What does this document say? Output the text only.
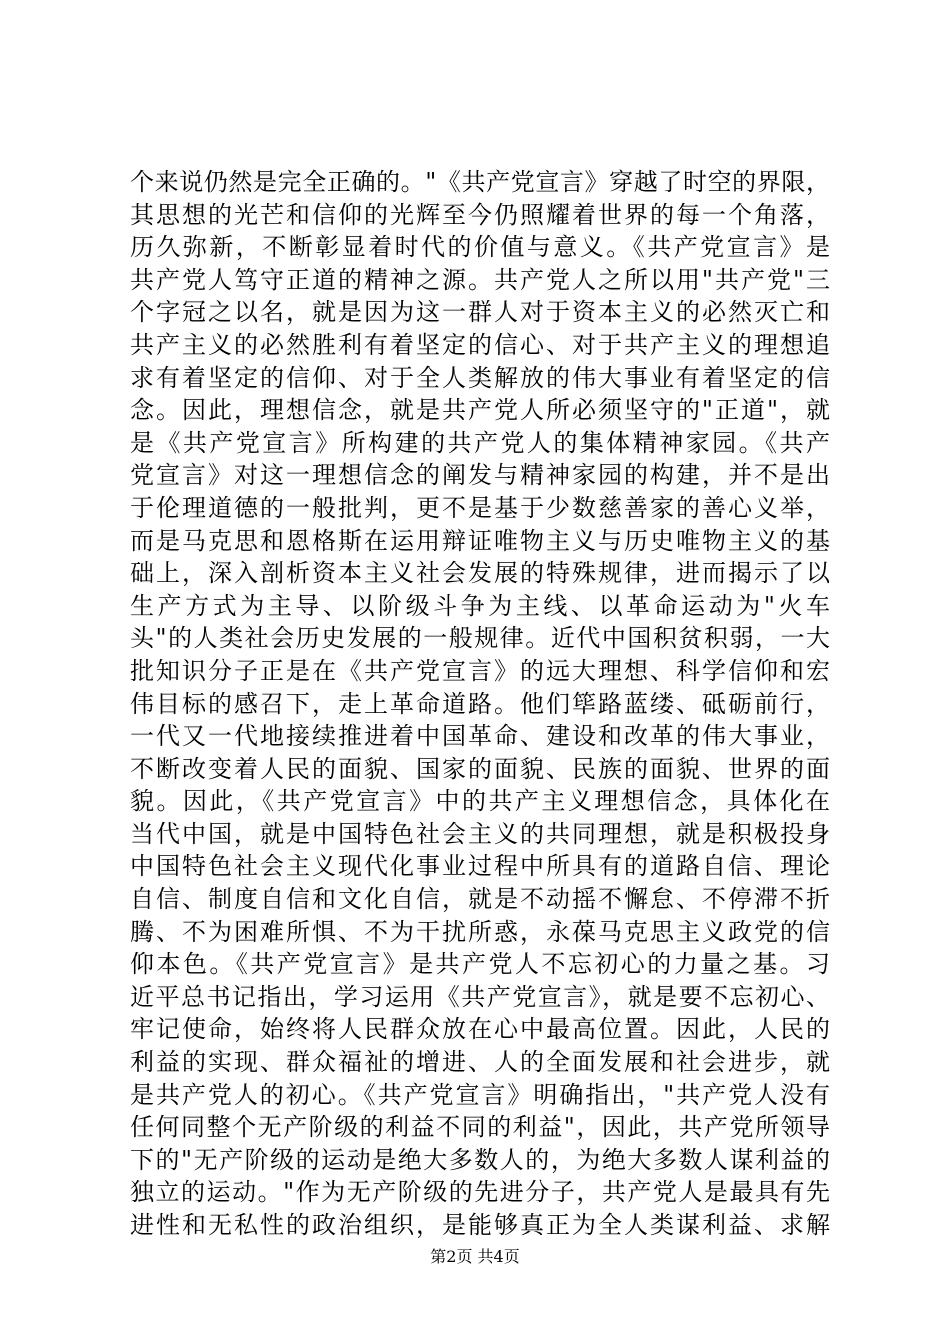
个来说仍然是完全正确的。"《共产党宣言》穿越了时空的界限，
其思想的光芒和信仰的光辉至今仍照耀着世界的每一个角落，
历久弥新，不断彰显着时代的价值与意义。《共产党宣言》是
共产党人笃守正道的精神之源。共产党人之所以用"共产党"三
个字冠之以名，就是因为这一群人对于资本主义的必然灭亡和
共产主义的必然胜利有着坚定的信心、对于共产主义的理想追
求有着坚定的信仰、对于全人类解放的伟大事业有着坚定的信
念。因此，理想信念，就是共产党人所必须坚守的"正道"，就
是《共产党宣言》所构建的共产党人的集体精神家园。《共产
党宣言》对这一理想信念的阐发与精神家园的构建，并不是出
于伦理道德的一般批判，更不是基于少数慈善家的善心义举，
而是马克思和恩格斯在运用辩证唯物主义与历史唯物主义的基
础上，深入剖析资本主义社会发展的特殊规律，进而揭示了以
生产方式为主导、以阶级斗争为主线、以革命运动为"火车
头"的人类社会历史发展的一般规律。近代中国积贫积弱，一大
批知识分子正是在《共产党宣言》的远大理想、科学信仰和宏
伟目标的感召下，走上革命道路。他们筚路蓝缕、砥砺前行，
一代又一代地接续推进着中国革命、建设和改革的伟大事业，
不断改变着人民的面貌、国家的面貌、民族的面貌、世界的面
貌。因此，《共产党宣言》中的共产主义理想信念，具体化在
当代中国，就是中国特色社会主义的共同理想，就是积极投身
中国特色社会主义现代化事业过程中所具有的道路自信、理论
自信、制度自信和文化自信，就是不动摇不懈怠、不停滞不折
腾、不为困难所惧、不为干扰所惑，永葆马克思主义政党的信
仰本色。《共产党宣言》是共产党人不忘初心的力量之基。习
近平总书记指出，学习运用《共产党宣言》，就是要不忘初心、
牢记使命，始终将人民群众放在心中最高位置。因此，人民的
利益的实现、群众福祉的增进、人的全面发展和社会进步，就
是共产党人的初心。《共产党宣言》明确指出，"共产党人没有
任何同整个无产阶级的利益不同的利益"，因此，共产党所领导
下的"无产阶级的运动是绝大多数人的，为绝大多数人谋利益的
独立的运动。"作为无产阶级的先进分子，共产党人是最具有先
进性和无私性的政治组织，是能够真正为全人类谋利益、求解
第2页 共4页
